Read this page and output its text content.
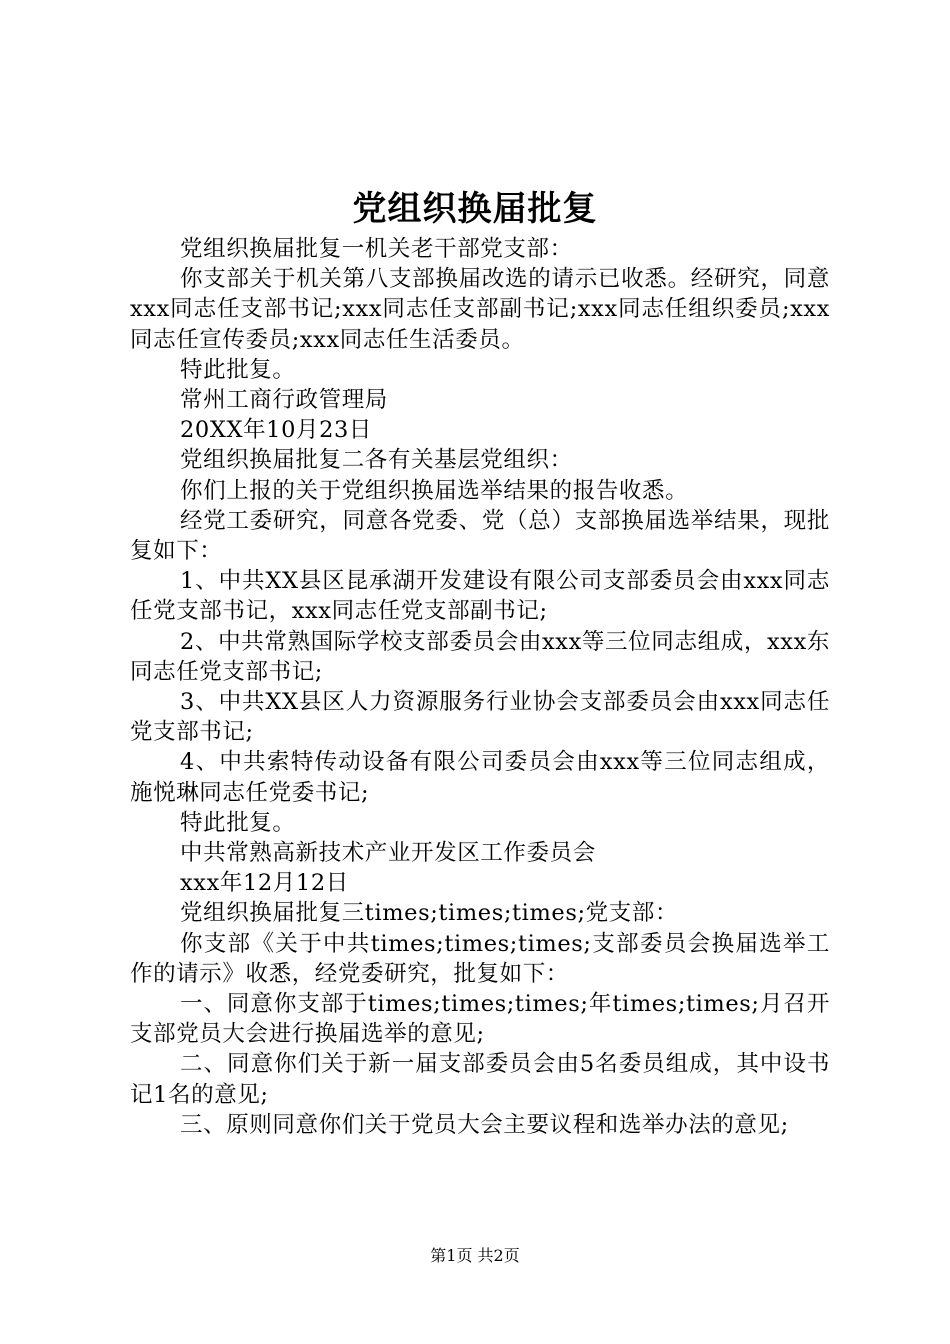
党组织换届批复

党组织换届批复一机关老干部党支部：

你支部关于机关第八支部换届改选的请示已收悉。经研究，同意xxx同志任支部书记;xxx同志任支部副书记;xxx同志任组织委员;xxx同志任宣传委员;xxx同志任生活委员。

特此批复。

常州工商行政管理局

20XX年10月23日

党组织换届批复二各有关基层党组织：

你们上报的关于党组织换届选举结果的报告收悉。

经党工委研究，同意各党委、党（总）支部换届选举结果，现批复如下：

1、中共XX县区昆承湖开发建设有限公司支部委员会由xxx同志任党支部书记，xxx同志任党支部副书记;

2、中共常熟国际学校支部委员会由xxx等三位同志组成，xxx东同志任党支部书记;

3、中共XX县区人力资源服务行业协会支部委员会由xxx同志任党支部书记;

4、中共索特传动设备有限公司委员会由xxx等三位同志组成，施悦琳同志任党委书记;

特此批复。

中共常熟高新技术产业开发区工作委员会

xxx年12月12日

党组织换届批复三times;times;times;党支部：

你支部《关于中共times;times;times;支部委员会换届选举工作的请示》收悉，经党委研究，批复如下：

一、同意你支部于times;times;times;年times;times;月召开支部党员大会进行换届选举的意见;

二、同意你们关于新一届支部委员会由5名委员组成，其中设书记1名的意见;

三、原则同意你们关于党员大会主要议程和选举办法的意见;

第1页 共2页
